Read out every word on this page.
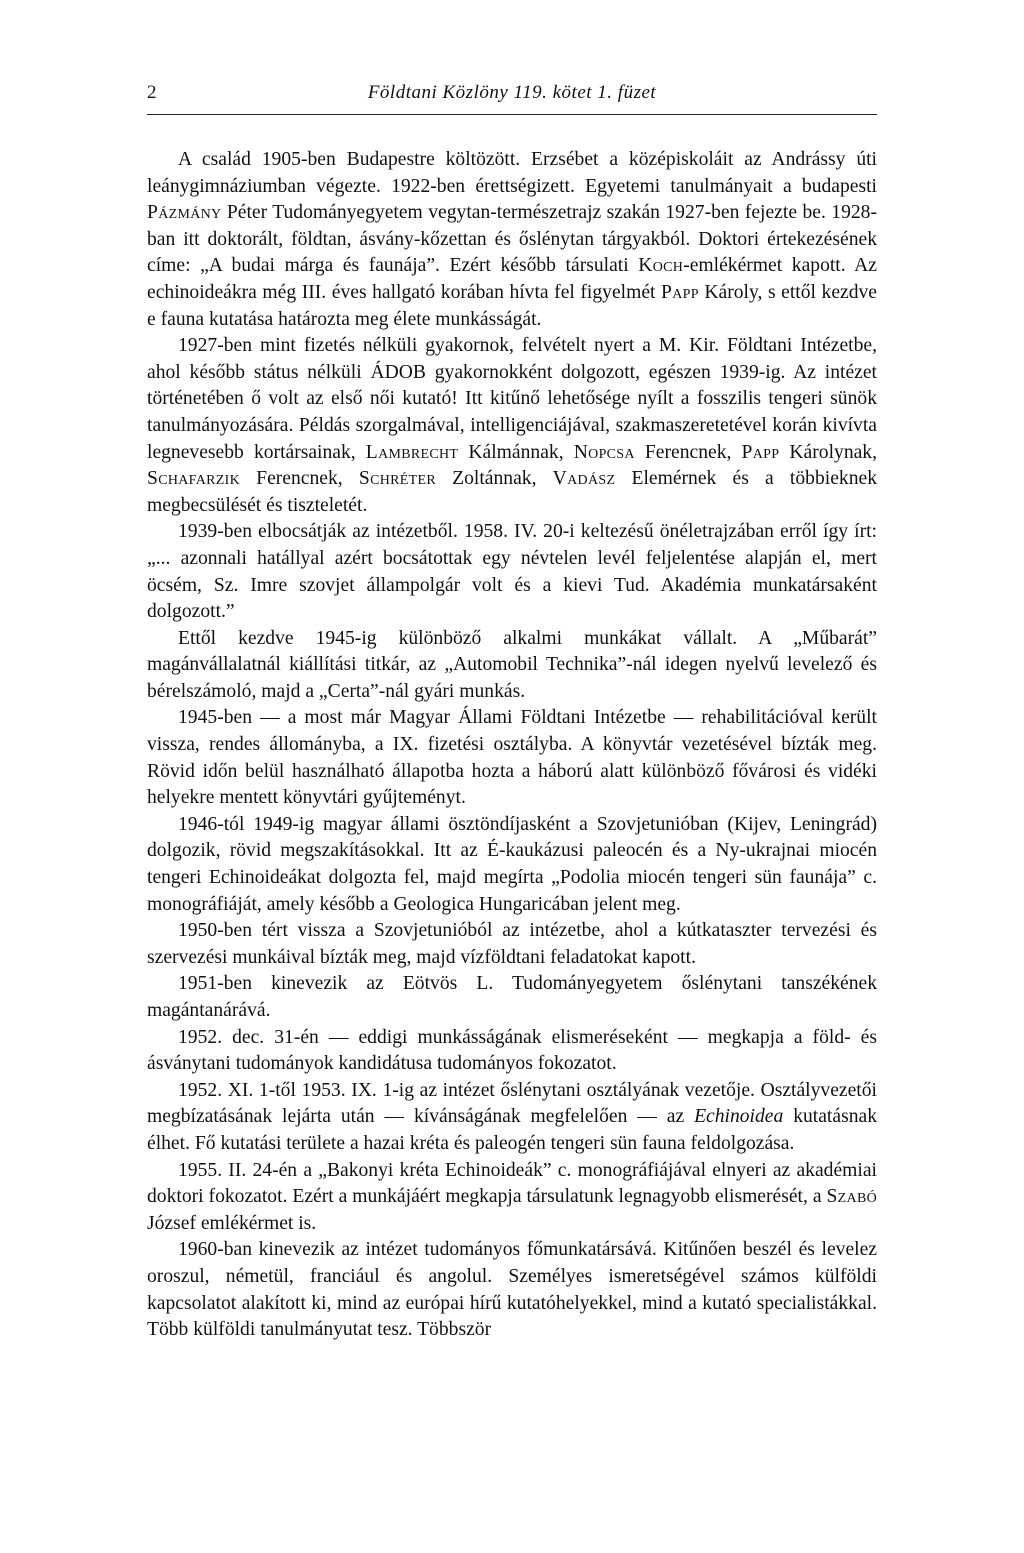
2	Földtani Közlöny 119. kötet 1. füzet

A család 1905-ben Budapestre költözött. Erzsébet a középiskoláit az Andrássy úti leánygimnáziumban végezte. 1922-ben érettségizett. Egyetemi tanulmányait a budapesti Pázmány Péter Tudományegyetem vegytan-természetrajz szakán 1927-ben fejezte be. 1928-ban itt doktorált, földtan, ásvány-kőzettan és őslénytan tárgyakból. Doktori értekezésének címe: „A budai márga és faunája”. Ezért később társulati Koch-emlékérmet kapott. Az echinoideákra még III. éves hallgató korában hívta fel figyelmét Papp Károly, s ettől kezdve e fauna kutatása határozta meg élete munkásságát.

1927-ben mint fizetés nélküli gyakornok, felvételt nyert a M. Kir. Földtani Intézetbe, ahol később státus nélküli ÁDOB gyakornokként dolgozott, egészen 1939-ig. Az intézet történetében ő volt az első női kutató! Itt kitűnő lehetősége nyílt a fosszilis tengeri sünök tanulmányozására. Példás szorgalmával, intelligenciájával, szakmaszeretetével korán kivívta legnevesebb kortársainak, Lambrecht Kálmánnak, Nopcsa Ferencnek, Papp Károlynak, Schafarzik Ferencnek, Schréter Zoltánnak, Vadász Elemérnek és a többieknek megbecsülését és tiszteletét.

1939-ben elbocsátják az intézetből. 1958. IV. 20-i keltezésű önéletrajzában erről így írt: „... azonnali hatállyal azért bocsátottak egy névtelen levél feljelentése alapján el, mert öcsém, Sz. Imre szovjet állampolgár volt és a kievi Tud. Akadémia munkatársaként dolgozott.”

Ettől kezdve 1945-ig különböző alkalmi munkákat vállalt. A „Műbarát” magánvállalatnál kiállítási titkár, az „Automobil Technika”-nál idegen nyelvű levelező és bérelszámoló, majd a „Certa”-nál gyári munkás.

1945-ben — a most már Magyar Állami Földtani Intézetbe — rehabilitációval került vissza, rendes állományba, a IX. fizetési osztályba. A könyvtár vezetésével bízták meg. Rövid időn belül használható állapotba hozta a háború alatt különböző fővárosi és vidéki helyekre mentett könyvtári gyűjteményt.

1946-tól 1949-ig magyar állami ösztöndíjasként a Szovjetunióban (Kijev, Leningrád) dolgozik, rövid megszakításokkal. Itt az É-kaukázusi paleocén és a Ny-ukrajnai miocén tengeri Echinoideákat dolgozta fel, majd megírta „Podolia miocén tengeri sün faunája” c. monográfiáját, amely később a Geologica Hungaricában jelent meg.

1950-ben tért vissza a Szovjetunióból az intézetbe, ahol a kútkataszter tervezési és szervezési munkáival bízták meg, majd vízföldtani feladatokat kapott.

1951-ben kinevezik az Eötvös L. Tudományegyetem őslénytani tanszékének magántanárává.

1952. dec. 31-én — eddigi munkásságának elismeréseként — megkapja a föld- és ásványtani tudományok kandidátusa tudományos fokozatot.

1952. XI. 1-től 1953. IX. 1-ig az intézet őslénytani osztályának vezetője. Osztályvezetői megbízatásának lejárta után — kívánságának megfelelően — az Echinoidea kutatásnak élhet. Fő kutatási területe a hazai kréta és paleogén tengeri sün fauna feldolgozása.

1955. II. 24-én a „Bakonyi kréta Echinoideák” c. monográfiájával elnyeri az akadémiai doktori fokozatot. Ezért a munkájáért megkapja társulatunk legnagyobb elismerését, a Szabó József emlékérmet is.

1960-ban kinevezik az intézet tudományos főmunkatársává. Kitűnően beszél és levelez oroszul, németül, franciául és angolul. Személyes ismeretségével számos külföldi kapcsolatot alakított ki, mind az európai hírű kutatóhelyekkel, mind a kutató specialistákkal. Több külföldi tanulmányutat tesz. Többször
